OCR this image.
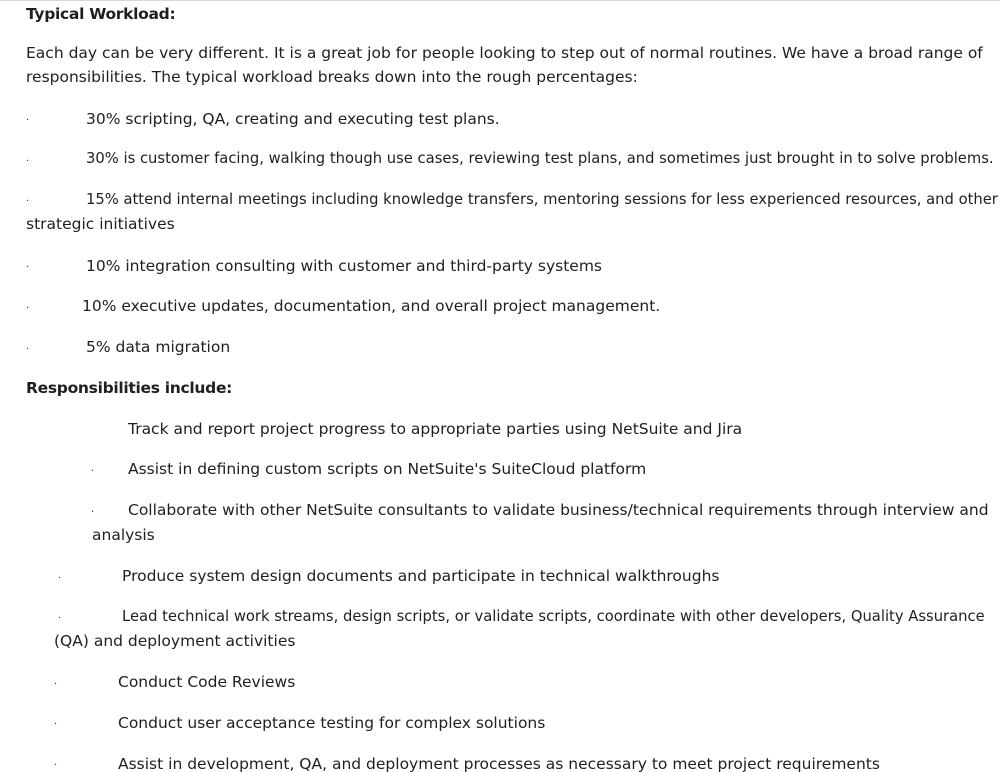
Typical Workload:

Each day can be very different. It is a great job for people looking to step out of normal routines. We have a broad range of

responsibilities. The typical workload breaks down into the rough percentages:

·	30% scripting, QA, creating and executing test plans.

·	30% is customer facing, walking though use cases, reviewing test plans, and sometimes just brought in to solve problems.

·	15% attend internal meetings including knowledge transfers, mentoring sessions for less experienced resources, and other

strategic initiatives

·	10% integration consulting with customer and third-party systems

·	10% executive updates, documentation, and overall project management.

·	5% data migration

Responsibilities include:

Track and report project progress to appropriate parties using NetSuite and Jira

· Assist in defining custom scripts on NetSuite's SuiteCloud platform

· Collaborate with other NetSuite consultants to validate business/technical requirements through interview and

analysis

·	Produce system design documents and participate in technical walkthroughs

·	Lead technical work streams, design scripts, or validate scripts, coordinate with other developers, Quality Assurance

(QA) and deployment activities

·	Conduct Code Reviews

·	Conduct user acceptance testing for complex solutions

·	Assist in development, QA, and deployment processes as necessary to meet project requirements
